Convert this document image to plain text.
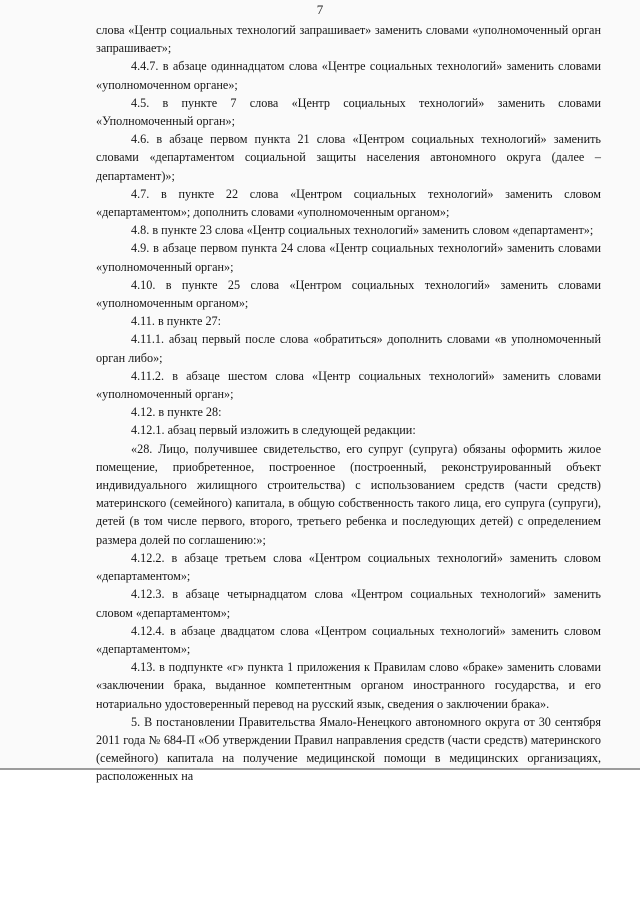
7

слова «Центр социальных технологий запрашивает» заменить словами «уполномоченный орган запрашивает»;

4.4.7. в абзаце одиннадцатом слова «Центре социальных технологий» заменить словами «уполномоченном органе»;

4.5. в пункте 7 слова «Центр социальных технологий» заменить словами «Уполномоченный орган»;

4.6. в абзаце первом пункта 21 слова «Центром социальных технологий» заменить словами «департаментом социальной защиты населения автономного округа (далее – департамент)»;

4.7. в пункте 22 слова «Центром социальных технологий» заменить словом «департаментом»; дополнить словами «уполномоченным органом»;

4.8. в пункте 23 слова «Центр социальных технологий» заменить словом «департамент»;

4.9. в абзаце первом пункта 24 слова «Центр социальных технологий» заменить словами «уполномоченный орган»;

4.10. в пункте 25 слова «Центром социальных технологий» заменить словами «уполномоченным органом»;

4.11. в пункте 27:

4.11.1. абзац первый после слова «обратиться» дополнить словами «в уполномоченный орган либо»;

4.11.2. в абзаце шестом слова «Центр социальных технологий» заменить словами «уполномоченный орган»;

4.12. в пункте 28:

4.12.1. абзац первый изложить в следующей редакции:

«28. Лицо, получившее свидетельство, его супруг (супруга) обязаны оформить жилое помещение, приобретенное, построенное (построенный, реконструированный объект индивидуального жилищного строительства) с использованием средств (части средств) материнского (семейного) капитала, в общую собственность такого лица, его супруга (супруги), детей (в том числе первого, второго, третьего ребенка и последующих детей) с определением размера долей по соглашению:»;

4.12.2. в абзаце третьем слова «Центром социальных технологий» заменить словом «департаментом»;

4.12.3. в абзаце четырнадцатом слова «Центром социальных технологий» заменить словом «департаментом»;

4.12.4. в абзаце двадцатом слова «Центром социальных технологий» заменить словом «департаментом»;

4.13. в подпункте «г» пункта 1 приложения к Правилам слово «браке» заменить словами «заключении брака, выданное компетентным органом иностранного государства, и его нотариально удостоверенный перевод на русский язык, сведения о заключении брака».

5. В постановлении Правительства Ямало-Ненецкого автономного округа от 30 сентября 2011 года № 684-П «Об утверждении Правил направления средств (части средств) материнского (семейного) капитала на получение медицинской помощи в медицинских организациях, расположенных на
